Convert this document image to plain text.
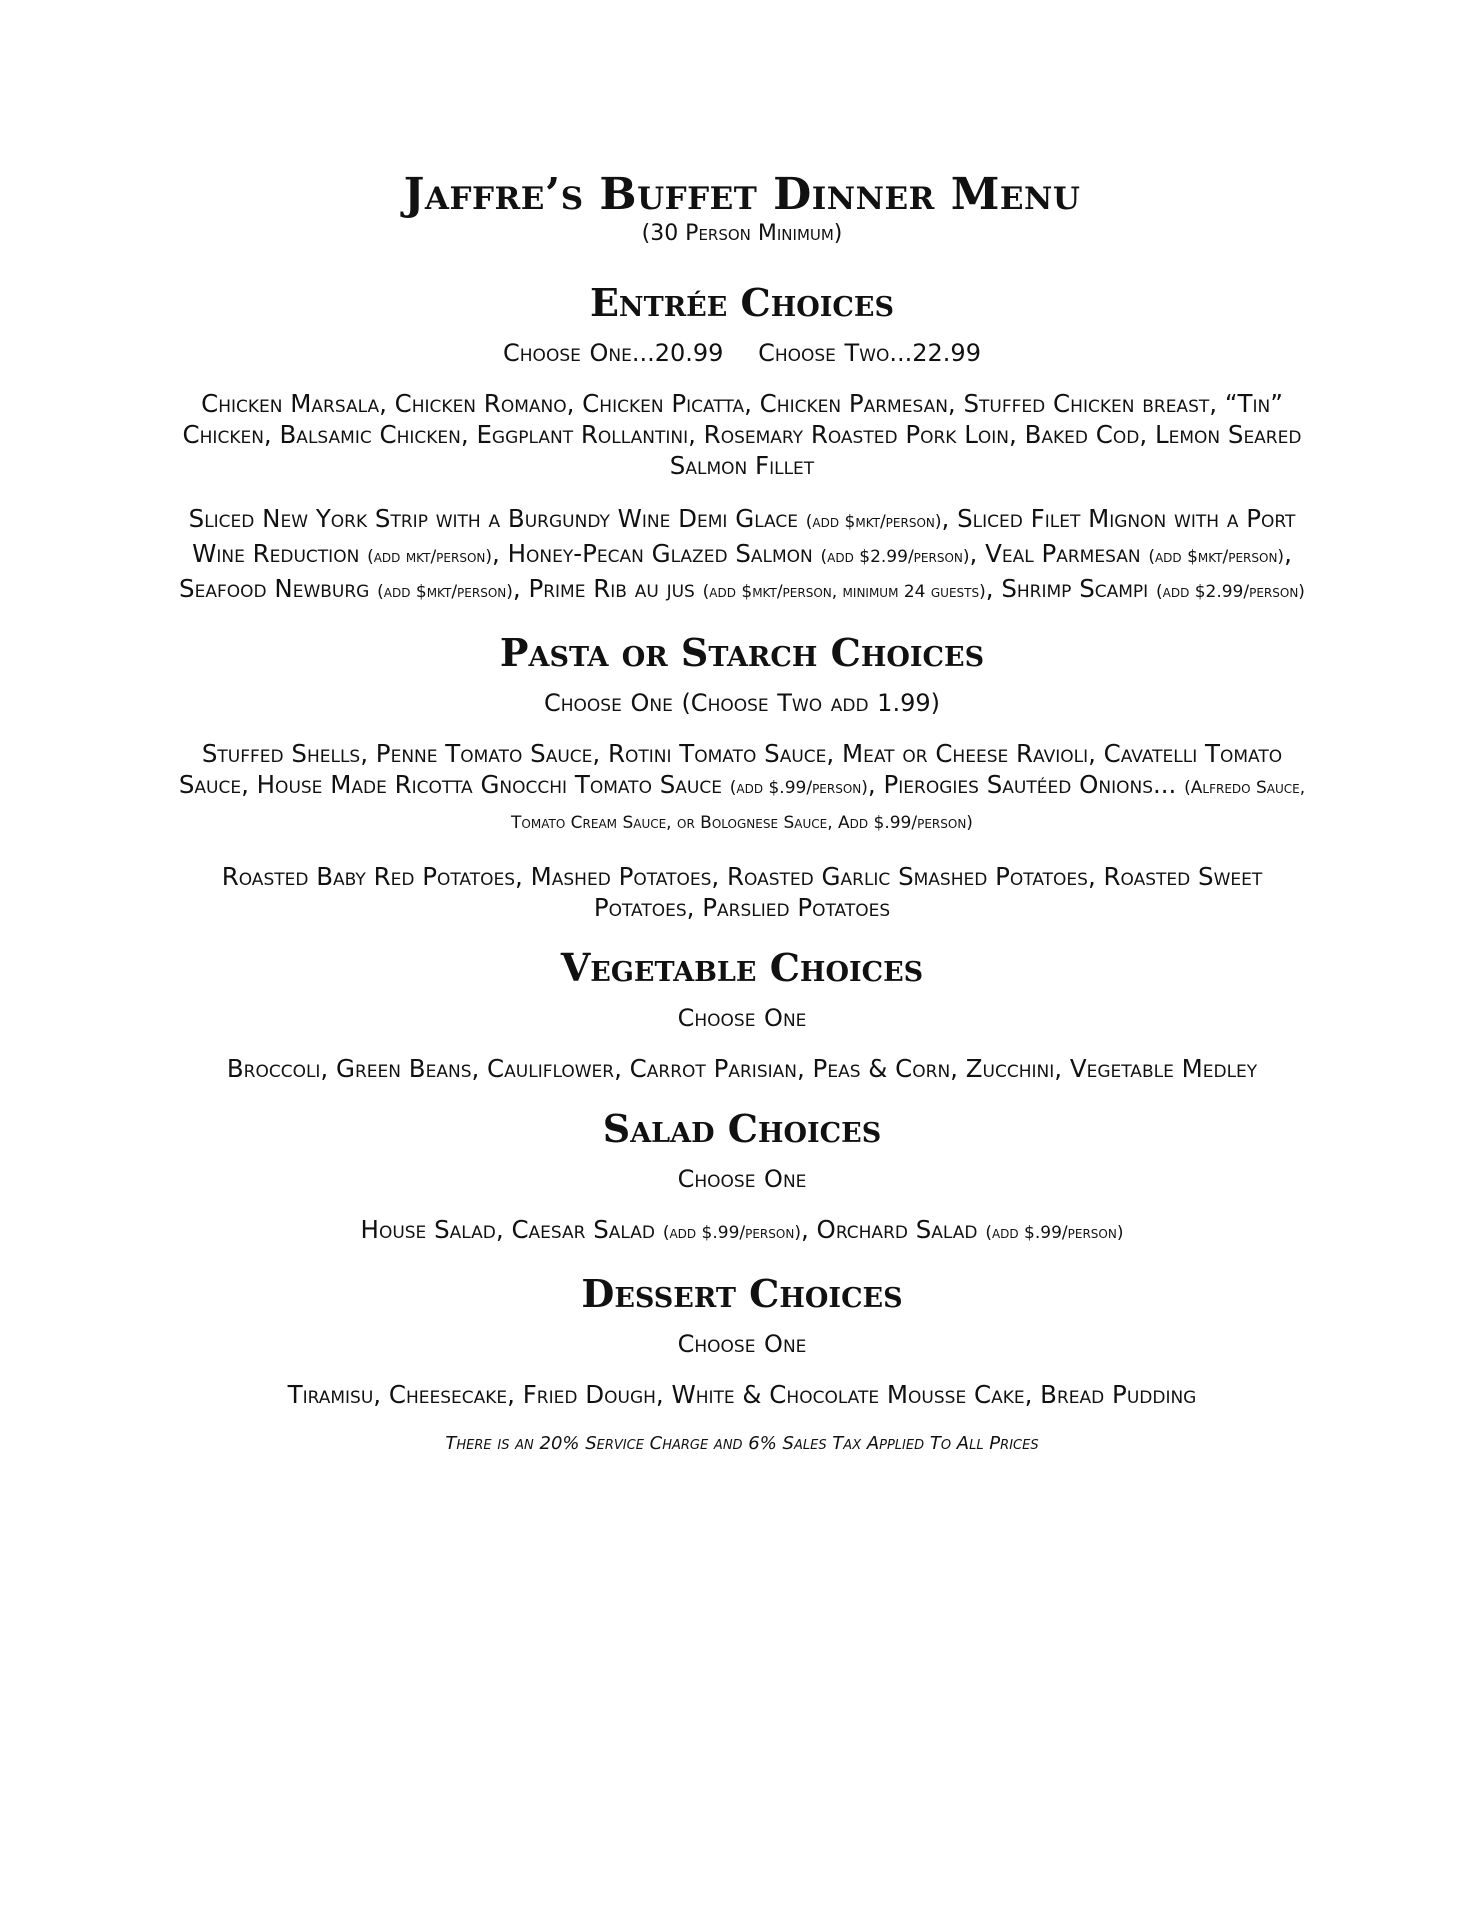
Jaffre’s Buffet Dinner Menu
(30 Person Minimum)
Entrée Choices
Choose One...20.99 Choose Two...22.99

Chicken Marsala, Chicken Romano, Chicken Picatta, Chicken Parmesan, Stuffed Chicken breast, “Tin” Chicken, Balsamic Chicken, Eggplant Rollantini, Rosemary Roasted Pork Loin, Baked Cod, Lemon Seared Salmon Fillet

Sliced New York Strip with a Burgundy Wine Demi Glace (add $mkt/person), Sliced Filet Mignon with a Port Wine Reduction (add mkt/person), Honey-Pecan Glazed Salmon (add $2.99/person), Veal Parmesan (add $mkt/person), Seafood Newburg (add $mkt/person), Prime Rib au jus (add $mkt/person, minimum 24 guests), Shrimp Scampi (add $2.99/person)

Pasta or Starch Choices
Choose One (Choose Two add 1.99)

Stuffed Shells, Penne Tomato Sauce, Rotini Tomato Sauce, Meat or Cheese Ravioli, Cavatelli Tomato Sauce, House Made Ricotta Gnocchi Tomato Sauce (add $.99/person), Pierogies Sautéed Onions... (Alfredo Sauce, Tomato Cream Sauce, or Bolognese Sauce, Add $.99/person)

Roasted Baby Red Potatoes, Mashed Potatoes, Roasted Garlic Smashed Potatoes, Roasted Sweet Potatoes, Parslied Potatoes

Vegetable Choices
Choose One

Broccoli, Green Beans, Cauliflower, Carrot Parisian, Peas & Corn, Zucchini, Vegetable Medley

Salad Choices
Choose One

House Salad, Caesar Salad (add $.99/person), Orchard Salad (add $.99/person)

Dessert Choices
Choose One

Tiramisu, Cheesecake, Fried Dough, White & Chocolate Mousse Cake, Bread Pudding

There is an 20% Service Charge and 6% Sales Tax Applied To All Prices
